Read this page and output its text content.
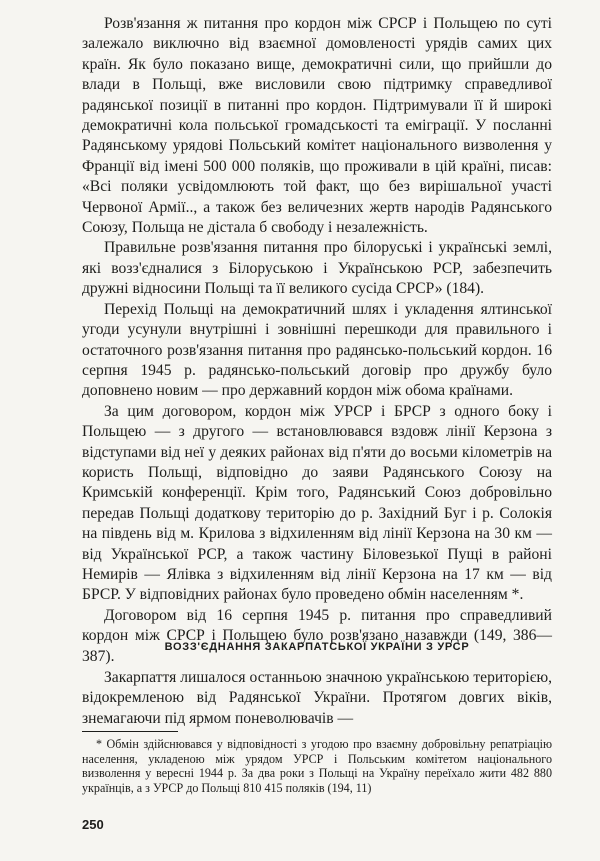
Розв'язання ж питання про кордон між СРСР і Польщею по суті залежало виключно від взаємної домовленості урядів самих цих країн. Як було показано вище, демократичні сили, що прийшли до влади в Польщі, вже висловили свою підтримку справедливої радянської позиції в питанні про кордон. Підтримували її й широкі демократичні кола польської громадськості та еміграції. У посланні Радянському урядові Польський комітет національного визволення у Франції від імені 500 000 поляків, що проживали в цій країні, писав: «Всі поляки усвідомлюють той факт, що без вирішальної участі Червоної Армії.., а також без величезних жертв народів Радянського Союзу, Польща не дістала б свободу і незалежність.

Правильне розв'язання питання про білоруські і українські землі, які возз'єдналися з Білоруською і Українською РСР, забезпечить дружні відносини Польщі та її великого сусіда СРСР» (184).

Перехід Польщі на демократичний шлях і укладення ялтинської угоди усунули внутрішні і зовнішні перешкоди для правильного і остаточного розв'язання питання про радянсько-польський кордон. 16 серпня 1945 р. радянсько-польський договір про дружбу було доповнено новим — про державний кордон між обома країнами.

За цим договором, кордон між УРСР і БРСР з одного боку і Польщею — з другого — встановлювався вздовж лінії Керзона з відступами від неї у деяких районах від п'яти до восьми кілометрів на користь Польщі, відповідно до заяви Радянського Союзу на Кримській конференції. Крім того, Радянський Союз добровільно передав Польщі додаткову територію до р. Західний Буг і р. Солокія на південь від м. Крилова з відхиленням від лінії Керзона на 30 км — від Української РСР, а також частину Біловезької Пущі в районі Немирів — Ялівка з відхиленням від лінії Керзона на 17 км — від БРСР. У відповідних районах було проведено обмін населенням *.

Договором від 16 серпня 1945 р. питання про справедливий кордон між СРСР і Польщею було розв'язано назавжди (149, 386—387).

ВОЗЗ'ЄДНАННЯ ЗАКАРПАТСЬКОЇ УКРАЇНИ З УРСР

Закарпаття лишалося останньою значною українською територією, відокремленою від Радянської України. Протягом довгих віків, знемагаючи під ярмом поневолювачів —

* Обмін здійснювався у відповідності з угодою про взаємну добровільну репатріацію населення, укладеною між урядом УРСР і Польським комітетом національного визволення у вересні 1944 р. За два роки з Польщі на Україну переїхало жити 482 880 українців, а з УРСР до Польщі 810 415 поляків (194, 11)

250
